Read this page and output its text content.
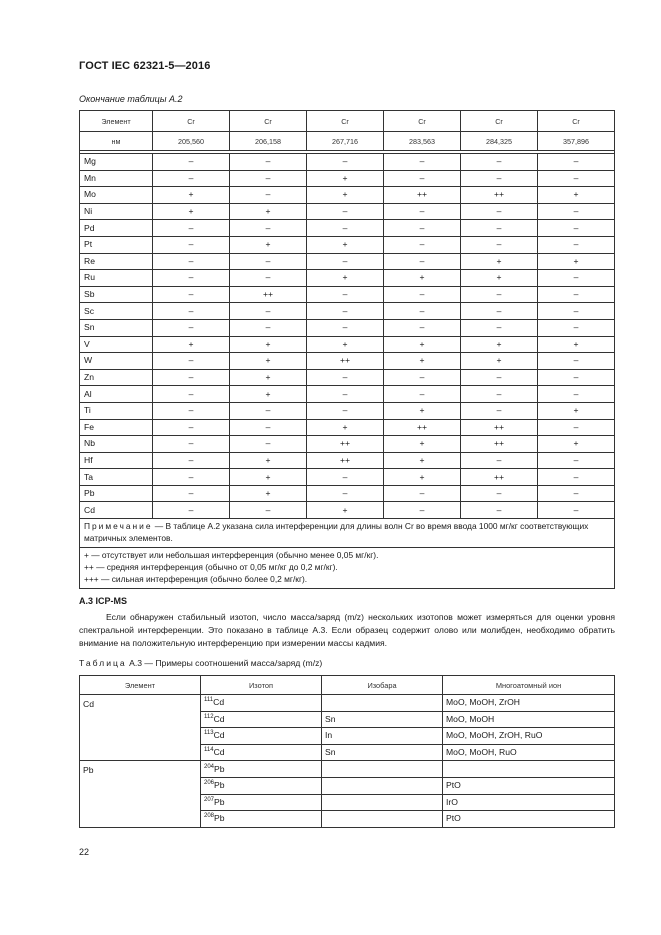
ГОСТ IEC 62321-5—2016
Окончание таблицы А.2
Элемент	Cr	Cr	Cr	Cr	Cr	Cr
нм	205,560	206,158	267,716	283,563	284,325	357,896

Mg	–	–	–	–	–	–
Mn	–	–	+	–	–	–
Mo	+	–	+	++	++	+
Ni	+	+	–	–	–	–
Pd	–	–	–	–	–	–
Pt	–	+	+	–	–	–
Re	–	–	–	–	+	+
Ru	–	–	+	+	+	–
Sb	–	++	–	–	–	–
Sc	–	–	–	–	–	–
Sn	–	–	–	–	–	–
V	+	+	+	+	+	+
W	–	+	++	+	+	–
Zn	–	+	–	–	–	–
Al	–	+	–	–	–	–
Ti	–	–	–	+	–	+
Fe	–	–	+	++	++	–
Nb	–	–	++	+	++	+
Hf	–	+	++	+	–	–
Ta	–	+	–	+	++	–
Pb	–	+	–	–	–	–
Cd	–	–	+	–	–	–
Примечание — В таблице А.2 указана сила интерференции для длины волн Cr во время ввода 1000 мг/кг соответствующих матричных элементов.						

+ — отсутствует или небольшая интерференция (обычно менее 0,05 мг/кг).
++ — средняя интерференция (обычно от 0,05 мг/кг до 0,2 мг/кг).
+++ — сильная интерференция (обычно более 0,2 мг/кг).						
А.3 ICP-MS
Если обнаружен стабильный изотоп, число масса/заряд (m/z) нескольких изотопов может измеряться для оценки уровня спектральной интерференции. Это показано в таблице А.3. Если образец содержит олово или молибден, необходимо обратить внимание на положительную интерференцию при измерении массы кадмия.
Таблица А.3 — Примеры соотношений масса/заряд (m/z)
Элемент	Изотоп	Изобара	Многоатомный ион
Cd	$^{111}$Cd		MoO, MoOH, ZrOH
	$^{112}$Cd	Sn	MoO, MoOH
	$^{113}$Cd	In	MoO, MoOH, ZrOH, RuO
	$^{114}$Cd	Sn	MoO, MoOH, RuO
Pb	$^{204}$Pb		
	$^{206}$Pb		PtO
	$^{207}$Pb		IrO
	$^{208}$Pb		PtO
22
